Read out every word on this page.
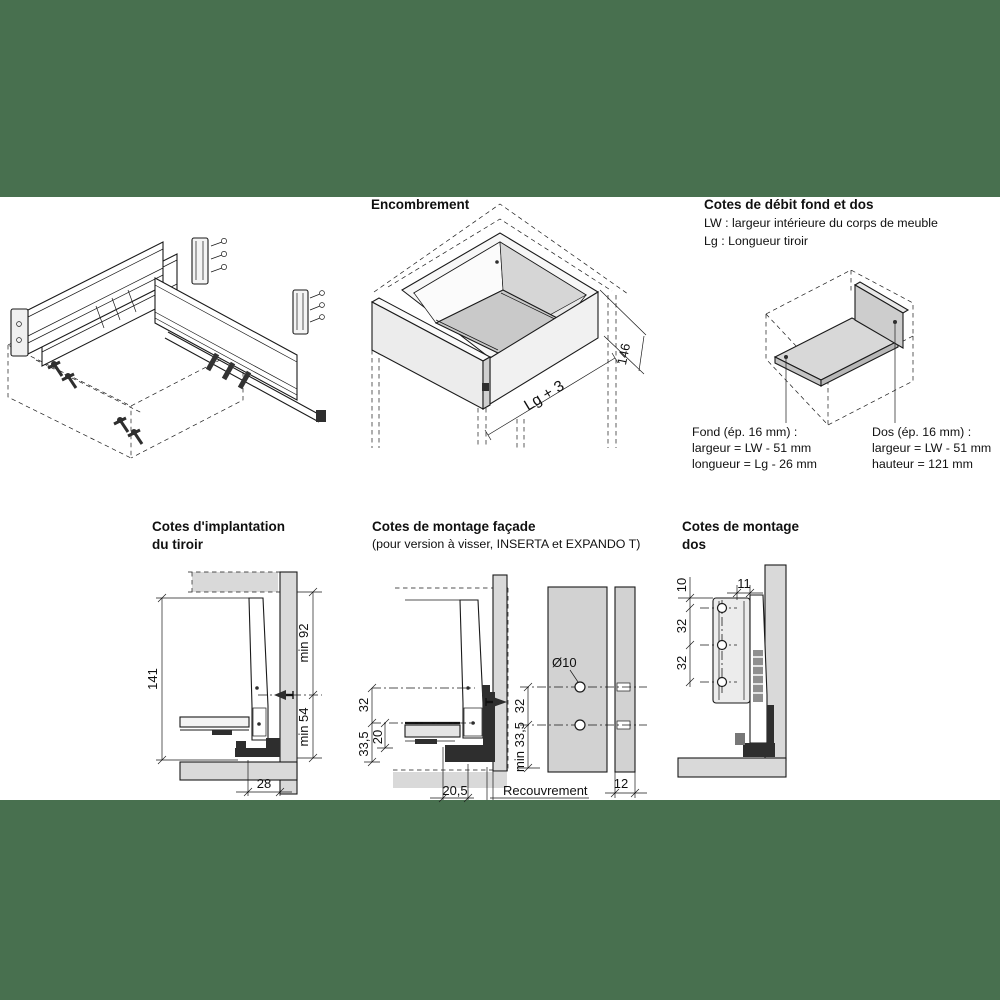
Encombrement	Cotes de débit fond et dos
LW : largeur intérieure du corps de meuble
Lg : Longueur tiroir
Fond (ép. 16 mm) :
largeur = LW - 51 mm
longueur = Lg - 26 mm
Dos (ép. 16 mm) :
largeur = LW - 51 mm
hauteur = 121 mm
Cotes d'implantation
du tiroir
Cotes de montage façade
(pour version à visser, INSERTA et EXPANDO T)
Cotes de montage
dos
146
Lg + 3
141
min 92
min 54
28
32
33,5 20
20,5	Recouvrement
Ø10
32
min 33,5
12
10
32
32
11
